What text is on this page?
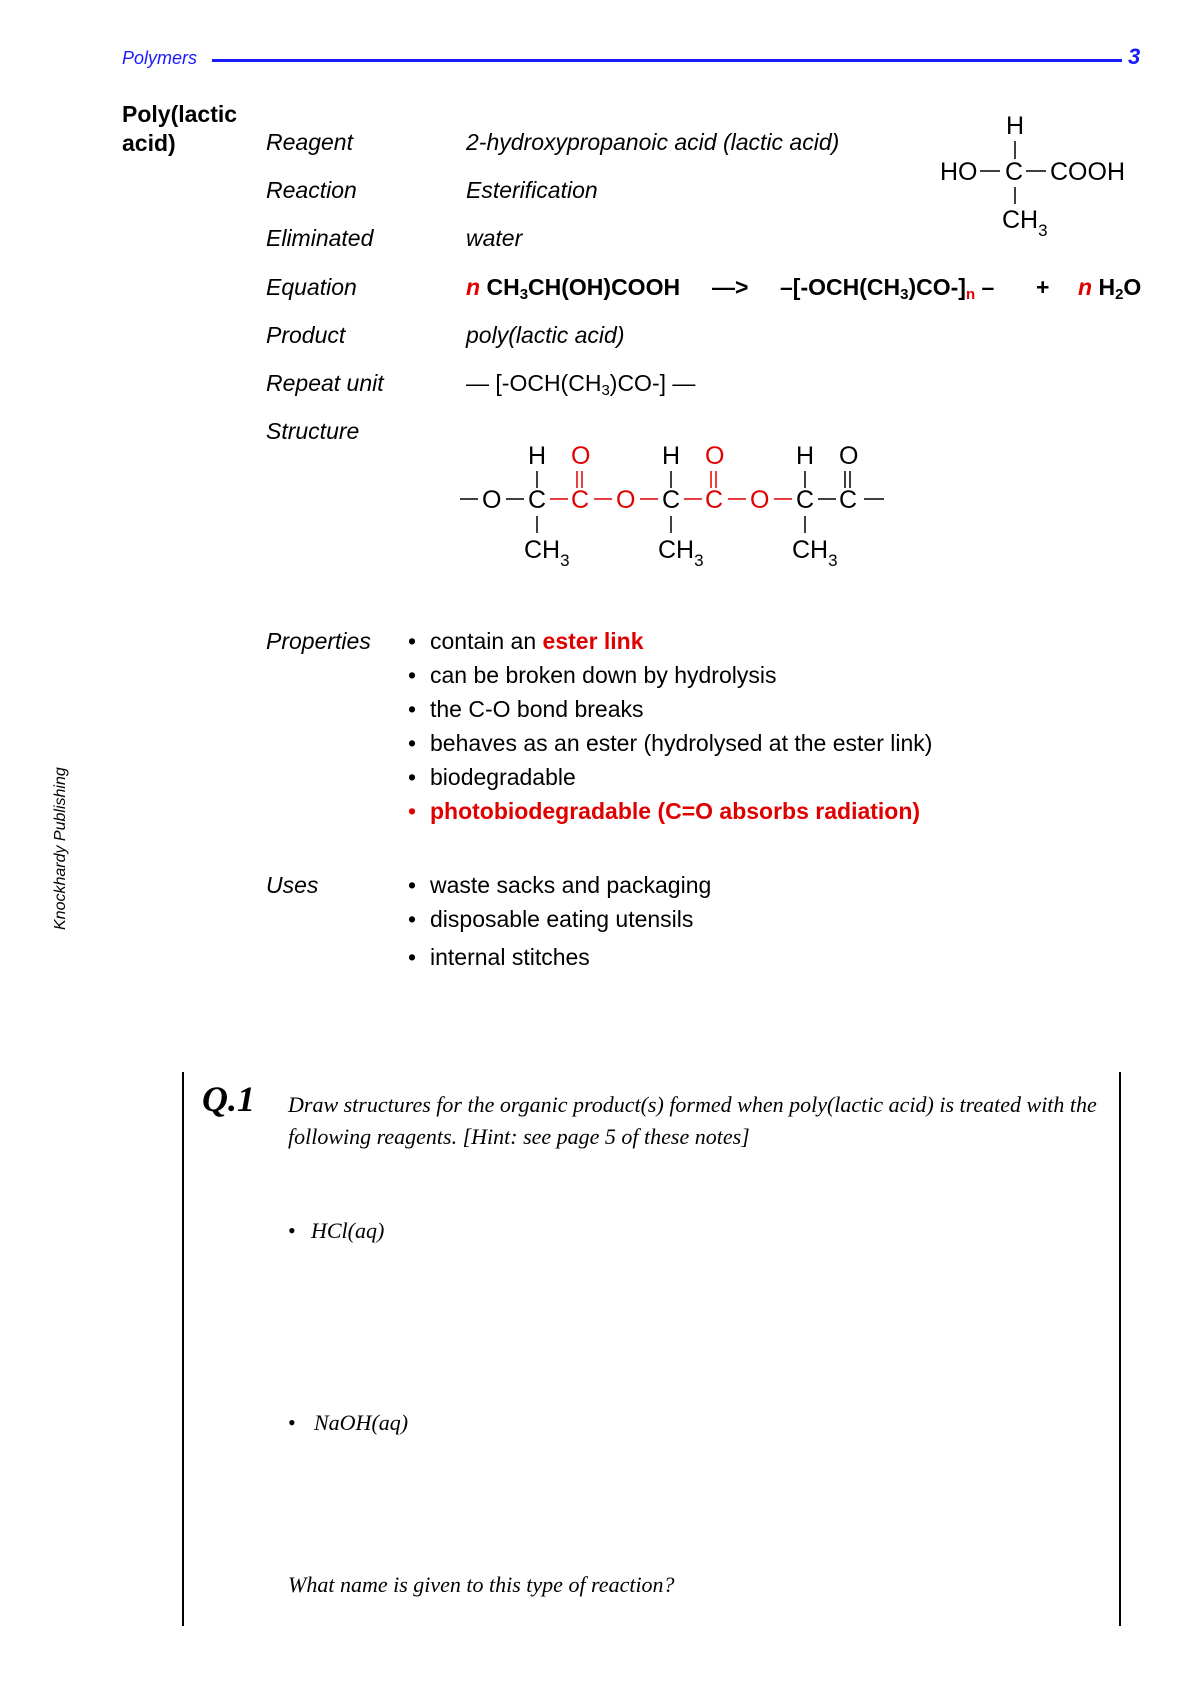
Polymers	3
Knockhardy Publishing
Poly(lactic acid)	Reagent	2-hydroxypropanoic acid (lactic acid)
Reaction	Esterification
Eliminated	water
Equation	n $CH_3CH(OH)COOH$ —> $-[-OCH(CH_3)CO-]_n$ – + n $H_2O$
Product	poly(lactic acid)
Repeat unit	— $[-OCH(CH_3)CO-]$ —
Structure
H
HO C COOH
$CH_3$
O
H
C
$CH_3$
O
C O
H
C
$CH_3$
O
C O
H
C
$CH_3$
O
C
Properties • contain an ester link
• can be broken down by hydrolysis
• the C-O bond breaks
• behaves as an ester (hydrolysed at the ester link)
• biodegradable
• photobiodegradable (C=O absorbs radiation)
Uses	• waste sacks and packaging
• disposable eating utensils
• internal stitches
Q.1 Draw structures for the organic product(s) formed when poly(lactic acid) is treated with the following reagents. [Hint: see page 5 of these notes]
• HCl(aq)
• NaOH(aq)
What name is given to this type of reaction?
